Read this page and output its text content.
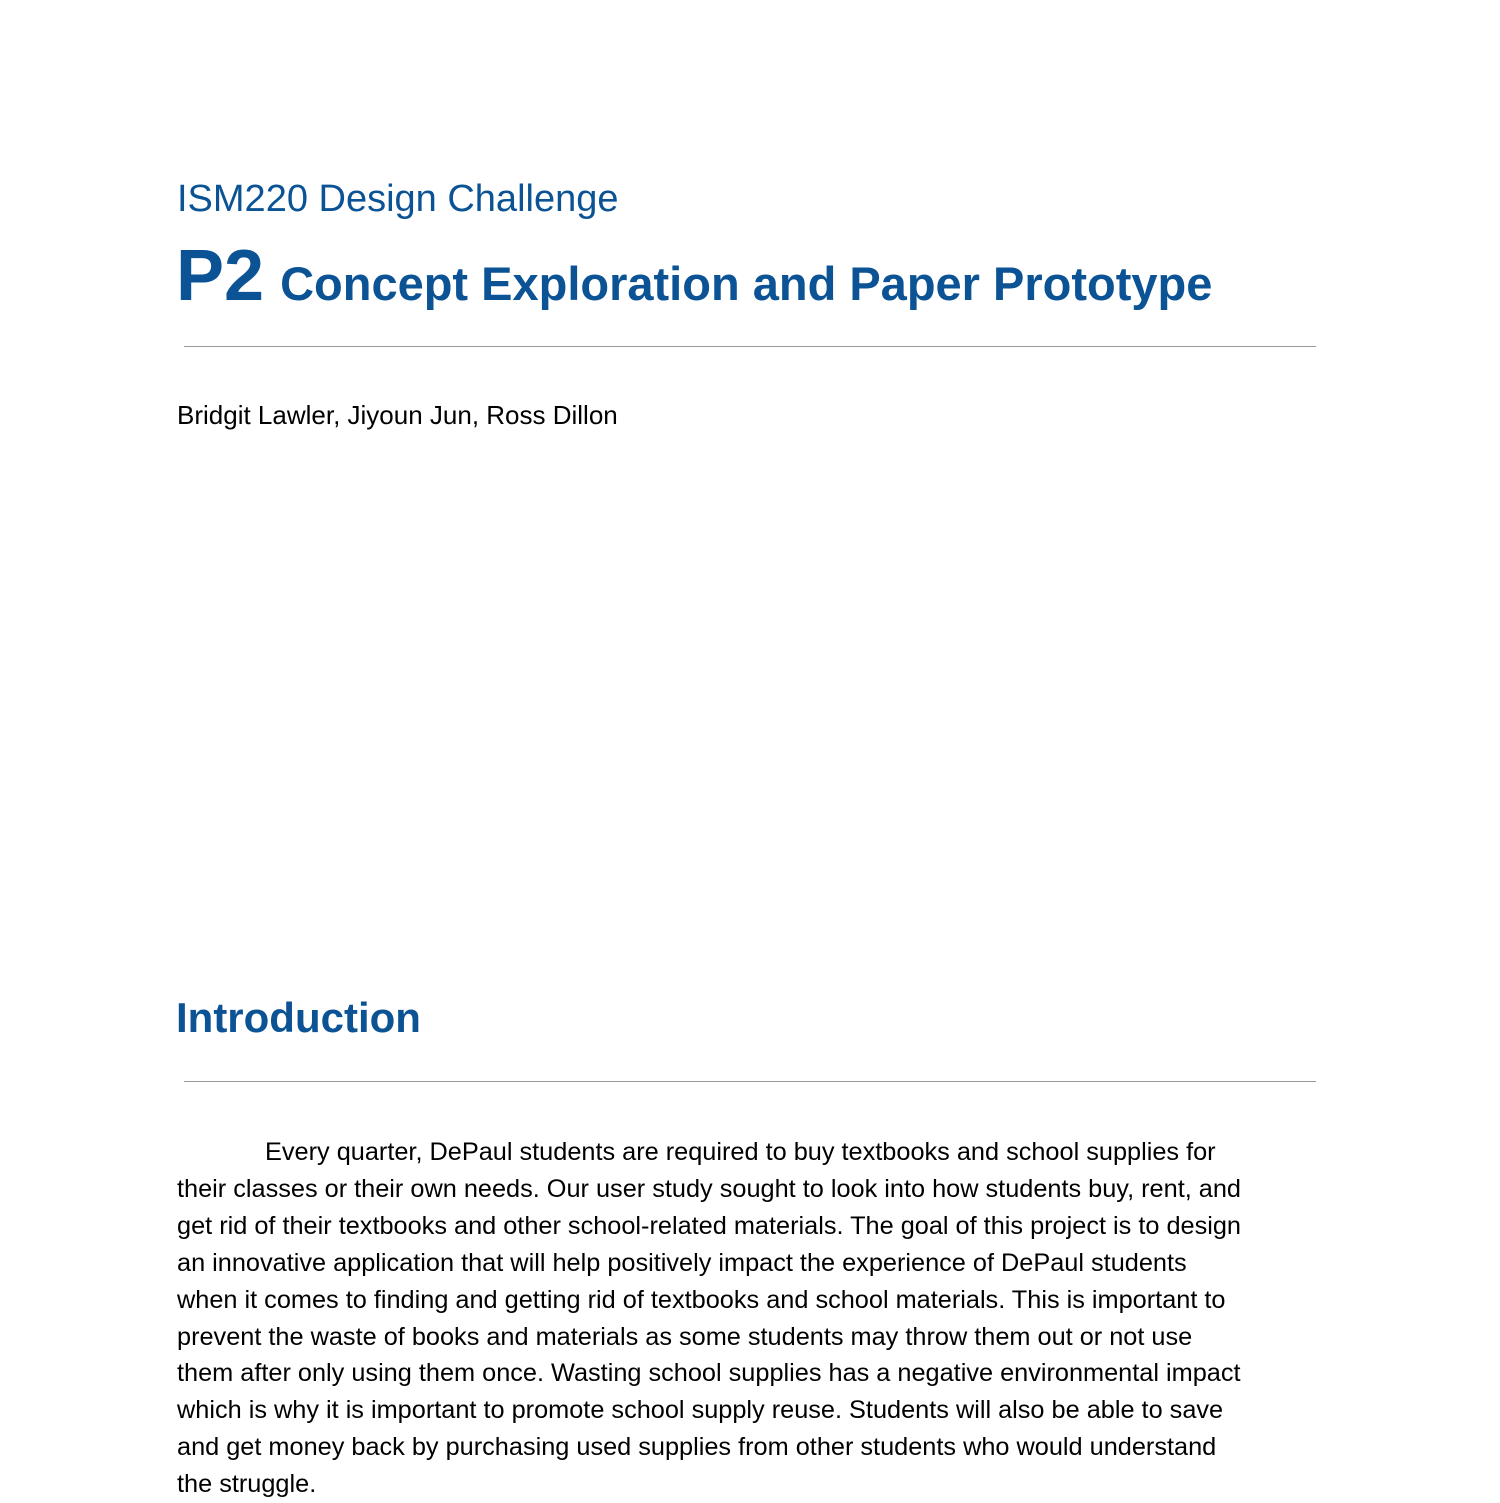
ISM220 Design Challenge
P2 Concept Exploration and Paper Prototype
Bridgit Lawler, Jiyoun Jun, Ross Dillon
Introduction
Every quarter, DePaul students are required to buy textbooks and school supplies for
their classes or their own needs. Our user study sought to look into how students buy, rent, and
get rid of their textbooks and other school-related materials. The goal of this project is to design
an innovative application that will help positively impact the experience of DePaul students
when it comes to finding and getting rid of textbooks and school materials. This is important to
prevent the waste of books and materials as some students may throw them out or not use
them after only using them once. Wasting school supplies has a negative environmental impact
which is why it is important to promote school supply reuse. Students will also be able to save
and get money back by purchasing used supplies from other students who would understand
the struggle.
